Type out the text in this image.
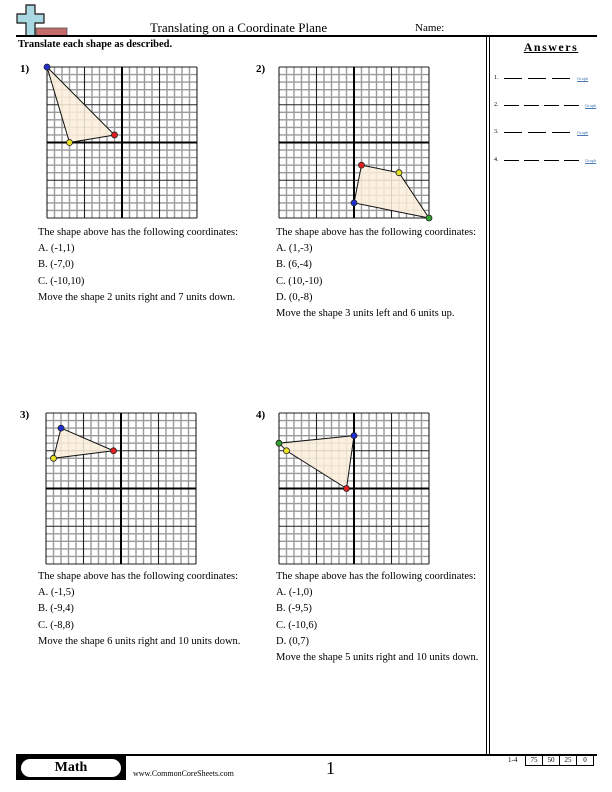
Translating on a Coordinate Plane	Name:
Translate each shape as described.	Answers
1.	Graph
2.	Graph
3.	Graph
4.	Graph
1)
The shape above has the following coordinates:
A. (-1,1)
B. (-7,0)
C. (-10,10)
Move the shape 2 units right and 7 units down.
2)
The shape above has the following coordinates:
A. (1,-3)
B. (6,-4)
C. (10,-10)
D. (0,-8)
Move the shape 3 units left and 6 units up.
3)
The shape above has the following coordinates:
A. (-1,5)
B. (-9,4)
C. (-8,8)
Move the shape 6 units right and 10 units down.
4)
The shape above has the following coordinates:
A. (-1,0)
B. (-9,5)
C. (-10,6)
D. (0,7)
Move the shape 5 units right and 10 units down.
Math	www.CommonCoreSheets.com	1	1-4	75	50	25	0
